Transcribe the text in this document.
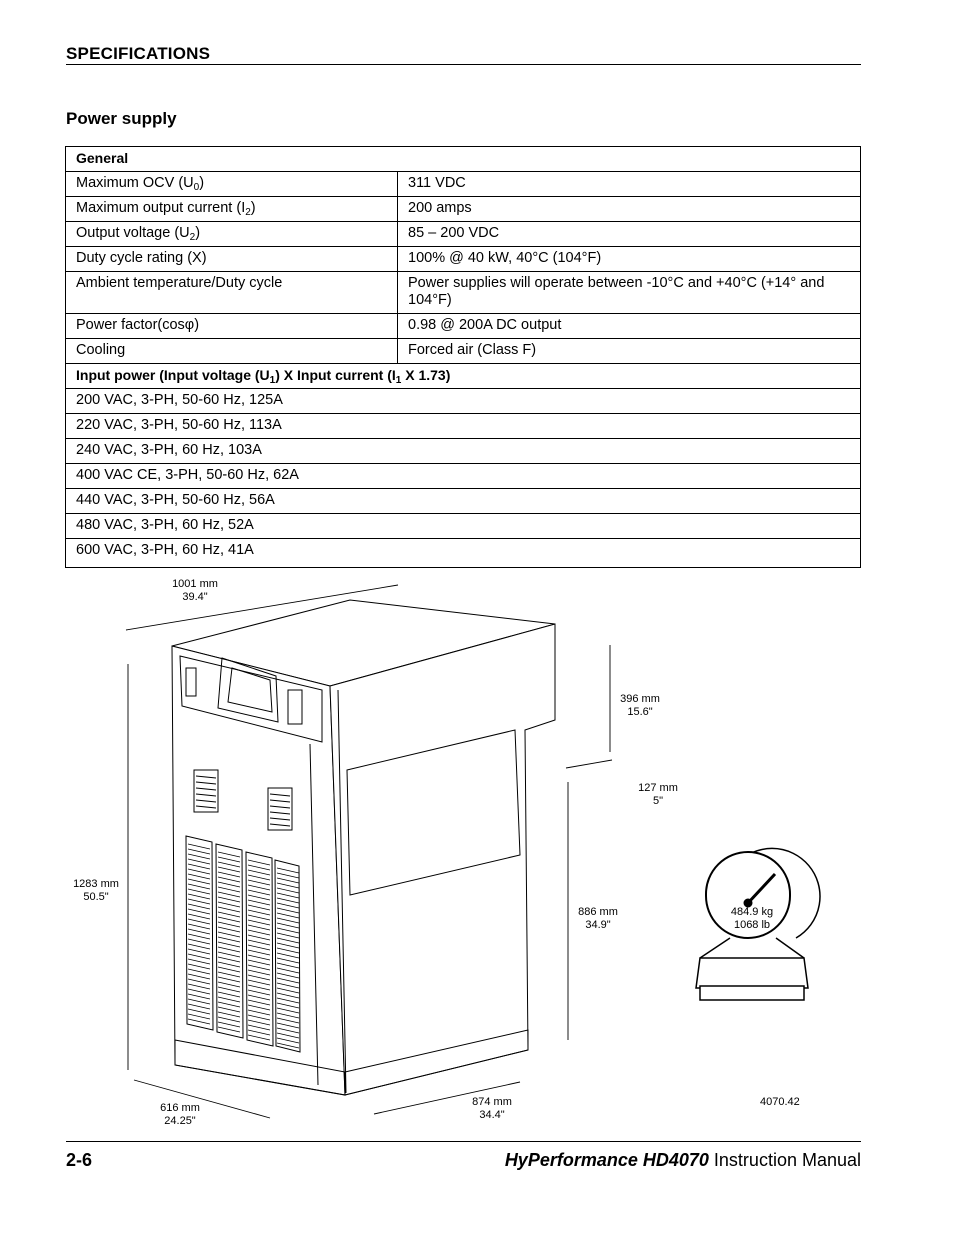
SPECIFICATIONS
Power supply
General	
Maximum OCV $(U_0)$	311 VDC
Maximum output current $(I_2)$	200 amps
Output voltage $(U_2)$	85 – 200 VDC
Duty cycle rating (X)	100% @ 40 kW, 40°C (104°F)
Ambient temperature/Duty cycle	Power supplies will operate between -10°C and +40°C (+14° and 104°F)
Power factor(cosφ)	0.98 @ 200A DC output
Cooling	Forced air (Class F)
Input power (Input voltage $(U_1)$ X Input current ($I_1$ X 1.73)	
200 VAC, 3-PH, 50-60 Hz, 125A	
220 VAC, 3-PH, 50-60 Hz, 113A	
240 VAC, 3-PH, 60 Hz, 103A	
400 VAC CE, 3-PH, 50-60 Hz, 62A	
440 VAC, 3-PH, 50-60 Hz, 56A	
480 VAC, 3-PH, 60 Hz, 52A	
600 VAC, 3-PH, 60 Hz, 41A	
1001 mm
39.4"
1283 mm
50.5"
396 mm
15.6"
127 mm
5"
886 mm
34.9"
616 mm
24.25"
874 mm
34.4"
484.9 kg
1068 lb
4070.42
2-6	HyPerformance HD4070 Instruction Manual
